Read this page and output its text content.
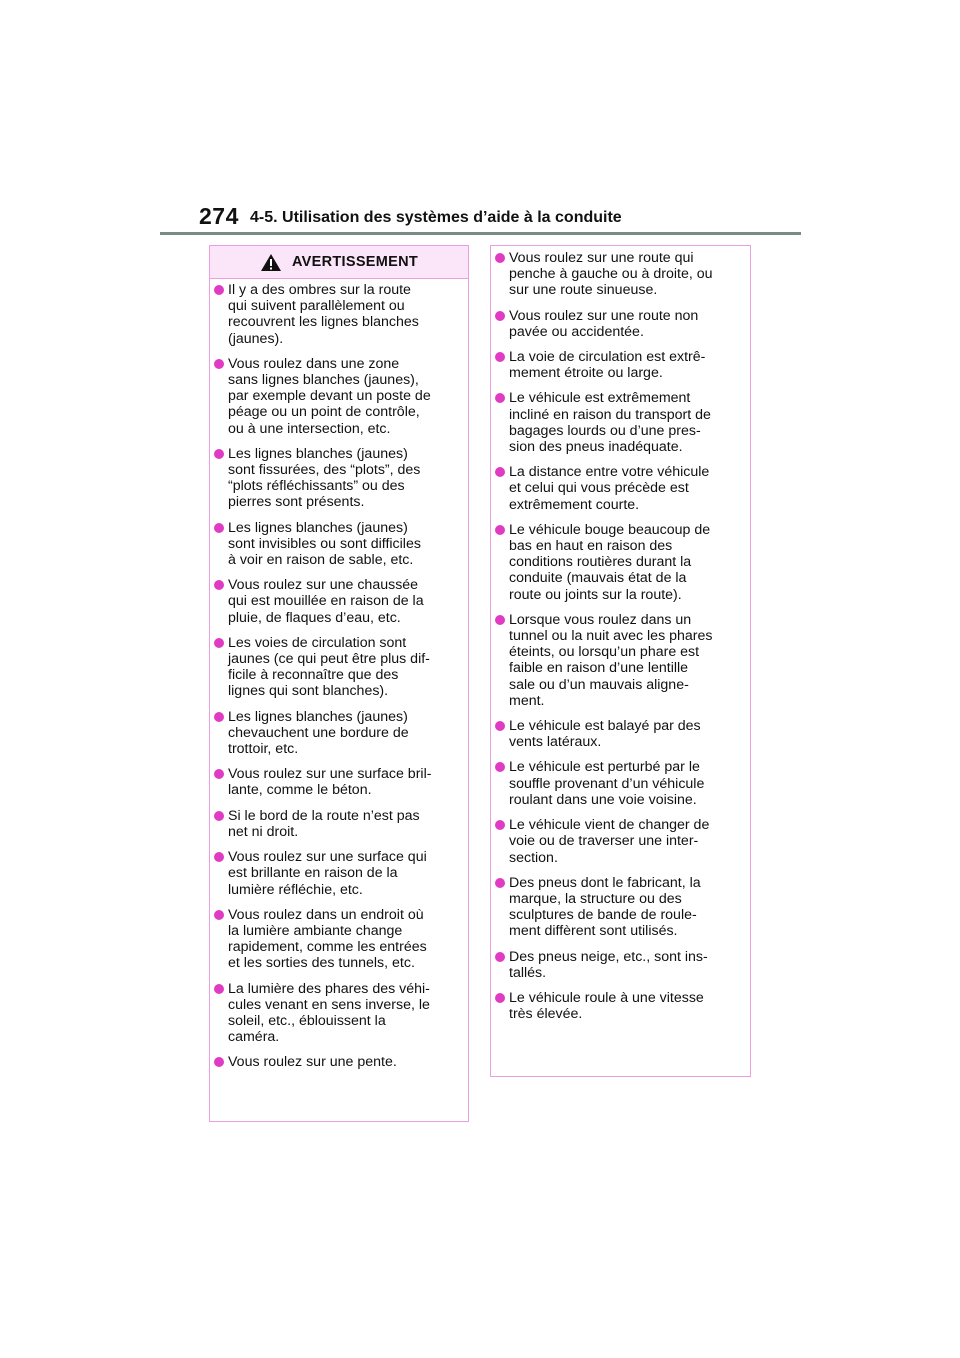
274 4-5. Utilisation des systèmes d’aide à la conduite
AVERTISSEMENT
Il y a des ombres sur la route
qui suivent parallèlement ou
recouvrent les lignes blanches
(jaunes).
Vous roulez dans une zone
sans lignes blanches (jaunes),
par exemple devant un poste de
péage ou un point de contrôle,
ou à une intersection, etc.
Les lignes blanches (jaunes)
sont fissurées, des “plots”, des
“plots réfléchissants” ou des
pierres sont présents.
Les lignes blanches (jaunes)
sont invisibles ou sont difficiles
à voir en raison de sable, etc.
Vous roulez sur une chaussée
qui est mouillée en raison de la
pluie, de flaques d’eau, etc.
Les voies de circulation sont
jaunes (ce qui peut être plus dif-
ficile à reconnaître que des
lignes qui sont blanches).
Les lignes blanches (jaunes)
chevauchent une bordure de
trottoir, etc.
Vous roulez sur une surface bril-
lante, comme le béton.
Si le bord de la route n’est pas
net ni droit.
Vous roulez sur une surface qui
est brillante en raison de la
lumière réfléchie, etc.
Vous roulez dans un endroit où
la lumière ambiante change
rapidement, comme les entrées
et les sorties des tunnels, etc.
La lumière des phares des véhi-
cules venant en sens inverse, le
soleil, etc., éblouissent la
caméra.
Vous roulez sur une pente.
Vous roulez sur une route qui
penche à gauche ou à droite, ou
sur une route sinueuse.
Vous roulez sur une route non
pavée ou accidentée.
La voie de circulation est extrê-
mement étroite ou large.
Le véhicule est extrêmement
incliné en raison du transport de
bagages lourds ou d’une pres-
sion des pneus inadéquate.
La distance entre votre véhicule
et celui qui vous précède est
extrêmement courte.
Le véhicule bouge beaucoup de
bas en haut en raison des
conditions routières durant la
conduite (mauvais état de la
route ou joints sur la route).
Lorsque vous roulez dans un
tunnel ou la nuit avec les phares
éteints, ou lorsqu’un phare est
faible en raison d’une lentille
sale ou d’un mauvais aligne-
ment.
Le véhicule est balayé par des
vents latéraux.
Le véhicule est perturbé par le
souffle provenant d’un véhicule
roulant dans une voie voisine.
Le véhicule vient de changer de
voie ou de traverser une inter-
section.
Des pneus dont le fabricant, la
marque, la structure ou des
sculptures de bande de roule-
ment diffèrent sont utilisés.
Des pneus neige, etc., sont ins-
tallés.
Le véhicule roule à une vitesse
très élevée.
